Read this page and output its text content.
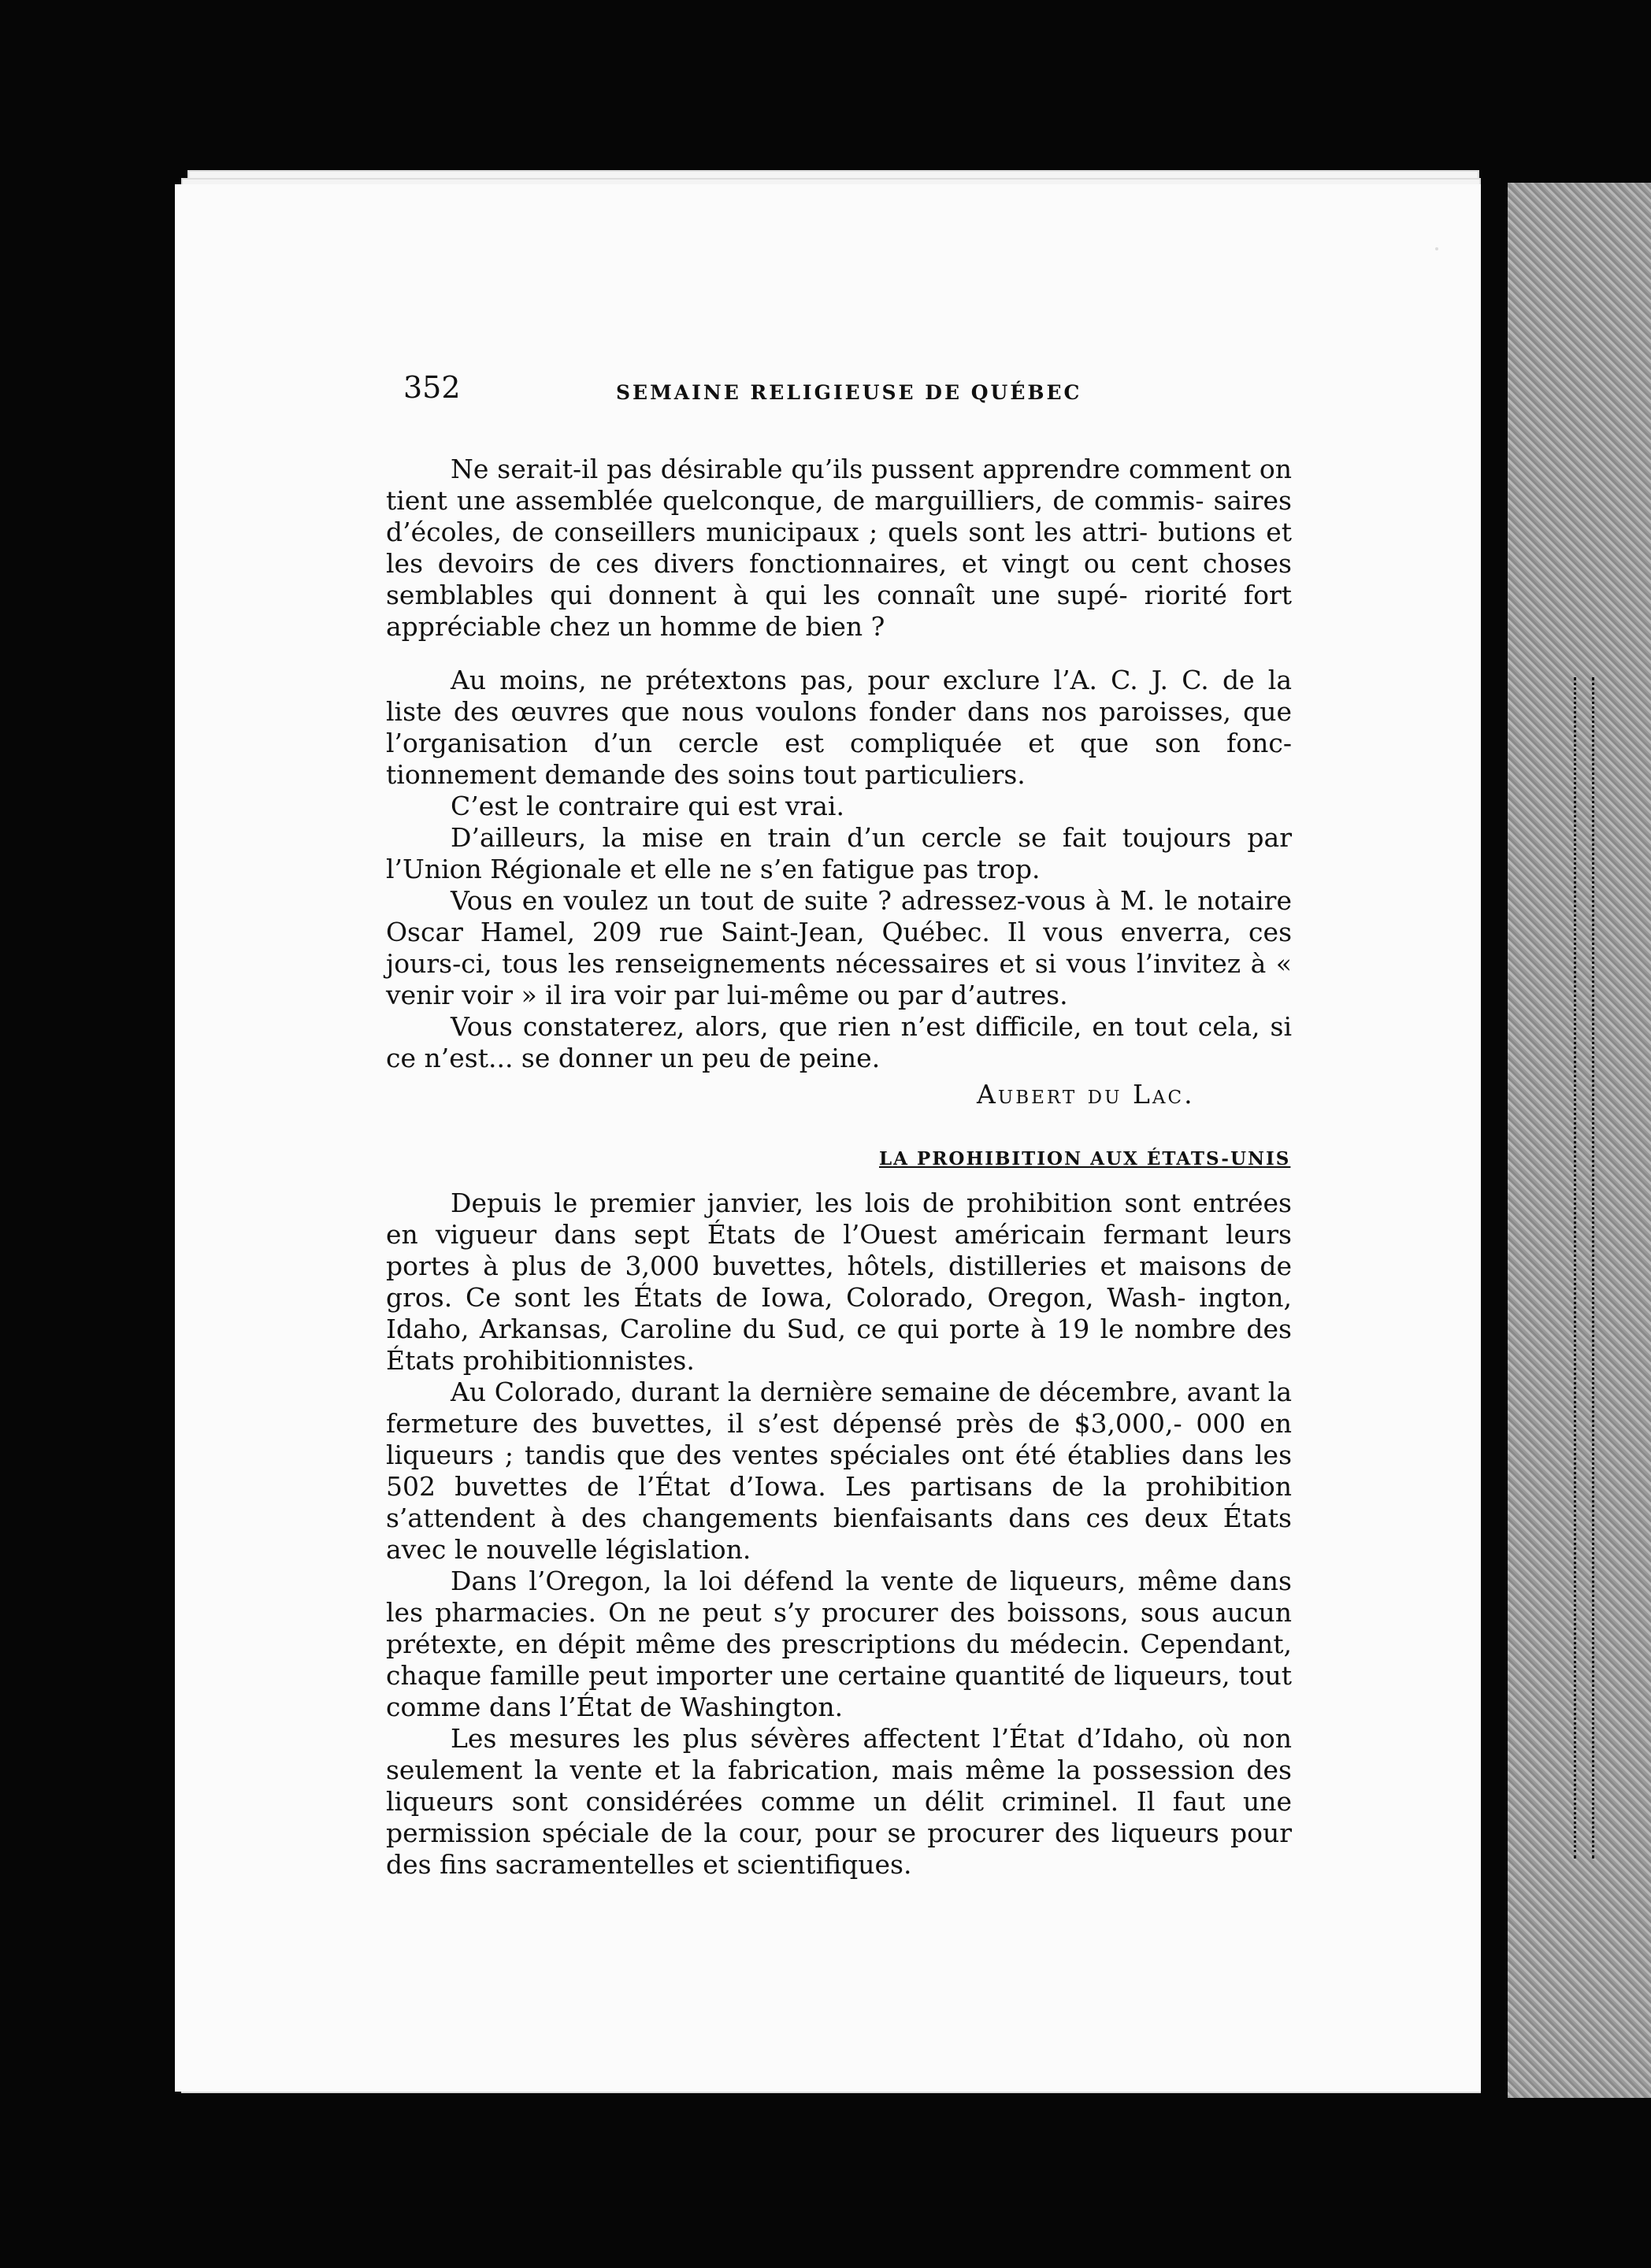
352	SEMAINE RELIGIEUSE DE QUÉBEC

Ne serait-il pas désirable qu’ils pussent apprendre comment on tient une assemblée quelconque, de marguilliers, de commis- saires d’écoles, de conseillers municipaux ; quels sont les attri- butions et les devoirs de ces divers fonctionnaires, et vingt ou cent choses semblables qui donnent à qui les connaît une supé- riorité fort appréciable chez un homme de bien ?

Au moins, ne prétextons pas, pour exclure l’A. C. J. C. de la liste des œuvres que nous voulons fonder dans nos paroisses, que l’organisation d’un cercle est compliquée et que son fonc- tionnement demande des soins tout particuliers.

C’est le contraire qui est vrai.

D’ailleurs, la mise en train d’un cercle se fait toujours par l’Union Régionale et elle ne s’en fatigue pas trop.

Vous en voulez un tout de suite ? adressez-vous à M. le notaire Oscar Hamel, 209 rue Saint-Jean, Québec. Il vous enverra, ces jours-ci, tous les renseignements nécessaires et si vous l’invitez à « venir voir » il ira voir par lui-même ou par d’autres.

Vous constaterez, alors, que rien n’est difficile, en tout cela, si ce n’est... se donner un peu de peine.

Aubert du Lac.
LA PROHIBITION AUX ÉTATS-UNIS

Depuis le premier janvier, les lois de prohibition sont entrées en vigueur dans sept États de l’Ouest américain fermant leurs portes à plus de 3,000 buvettes, hôtels, distilleries et maisons de gros. Ce sont les États de Iowa, Colorado, Oregon, Wash- ington, Idaho, Arkansas, Caroline du Sud, ce qui porte à 19 le nombre des États prohibitionnistes.

Au Colorado, durant la dernière semaine de décembre, avant la fermeture des buvettes, il s’est dépensé près de $3,000,- 000 en liqueurs ; tandis que des ventes spéciales ont été établies dans les 502 buvettes de l’État d’Iowa. Les partisans de la prohibition s’attendent à des changements bienfaisants dans ces deux États avec le nouvelle législation.

Dans l’Oregon, la loi défend la vente de liqueurs, même dans les pharmacies. On ne peut s’y procurer des boissons, sous aucun prétexte, en dépit même des prescriptions du médecin. Cependant, chaque famille peut importer une certaine quantité de liqueurs, tout comme dans l’État de Washington.

Les mesures les plus sévères affectent l’État d’Idaho, où non seulement la vente et la fabrication, mais même la possession des liqueurs sont considérées comme un délit criminel. Il faut une permission spéciale de la cour, pour se procurer des liqueurs pour des fins sacramentelles et scientifiques.
